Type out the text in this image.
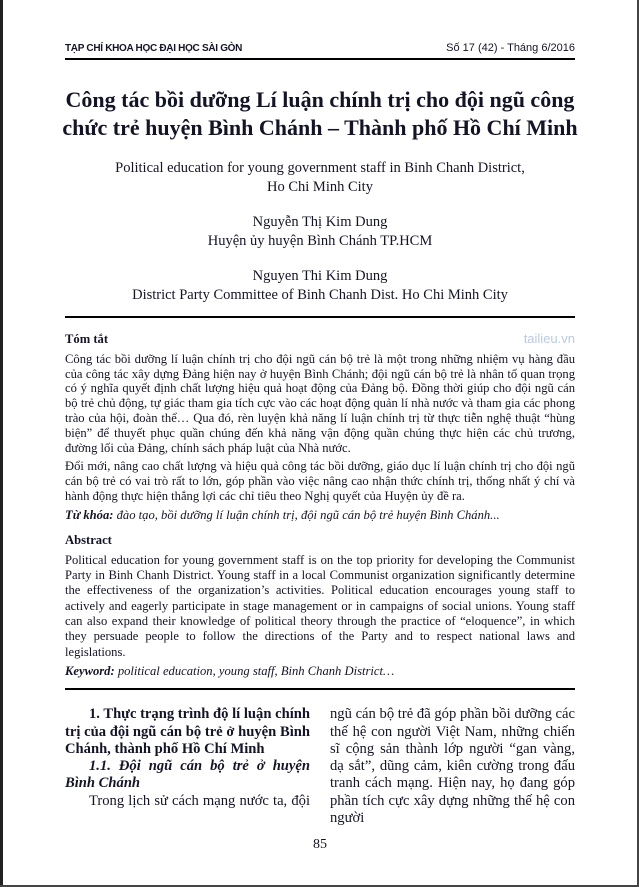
TẠP CHÍ KHOA HỌC ĐẠI HỌC SÀI GÒN	Số 17 (42) - Tháng 6/2016
Công tác bồi dưỡng Lí luận chính trị cho đội ngũ công
chức trẻ huyện Bình Chánh – Thành phố Hồ Chí Minh
Political education for young government staff in Binh Chanh District,
Ho Chi Minh City
Nguyễn Thị Kim Dung
Huyện ủy huyện Bình Chánh TP.HCM
Nguyen Thi Kim Dung
District Party Committee of Binh Chanh Dist. Ho Chi Minh City
Tóm tắt	tailieu.vn
Công tác bồi dưỡng lí luận chính trị cho đội ngũ cán bộ trẻ là một trong những nhiệm vụ hàng đầu của công tác xây dựng Đảng hiện nay ở huyện Bình Chánh; đội ngũ cán bộ trẻ là nhân tố quan trọng có ý nghĩa quyết định chất lượng hiệu quả hoạt động của Đảng bộ. Đồng thời giúp cho đội ngũ cán bộ trẻ chủ động, tự giác tham gia tích cực vào các hoạt động quản lí nhà nước và tham gia các phong trào của hội, đoàn thể… Qua đó, rèn luyện khả năng lí luận chính trị từ thực tiễn nghệ thuật “hùng biện” để thuyết phục quần chúng đến khả năng vận động quần chúng thực hiện các chủ trương, đường lối của Đảng, chính sách pháp luật của Nhà nước.
Đổi mới, nâng cao chất lượng và hiệu quả công tác bồi dưỡng, giáo dục lí luận chính trị cho đội ngũ cán bộ trẻ có vai trò rất to lớn, góp phần vào việc nâng cao nhận thức chính trị, thống nhất ý chí và hành động thực hiện thắng lợi các chỉ tiêu theo Nghị quyết của Huyện ủy đề ra.
Từ khóa: đào tạo, bồi dưỡng lí luận chính trị, đội ngũ cán bộ trẻ huyện Bình Chánh...
Abstract
Political education for young government staff is on the top priority for developing the Communist Party in Binh Chanh District. Young staff in a local Communist organization significantly determine the effectiveness of the organization’s activities. Political education encourages young staff to actively and eagerly participate in stage management or in campaigns of social unions. Young staff can also expand their knowledge of political theory through the practice of “eloquence”, in which they persuade people to follow the directions of the Party and to respect national laws and legislations.
Keyword: political education, young staff, Binh Chanh District…
1. Thực trạng trình độ lí luận chính trị của đội ngũ cán bộ trẻ ở huyện Bình Chánh, thành phố Hồ Chí Minh
1.1. Đội ngũ cán bộ trẻ ở huyện Bình Chánh
Trong lịch sử cách mạng nước ta, đội
ngũ cán bộ trẻ đã góp phần bồi dưỡng các thế hệ con người Việt Nam, những chiến sĩ cộng sản thành lớp người “gan vàng, dạ sắt”, dũng cảm, kiên cường trong đấu tranh cách mạng. Hiện nay, họ đang góp phần tích cực xây dựng những thế hệ con người
85
